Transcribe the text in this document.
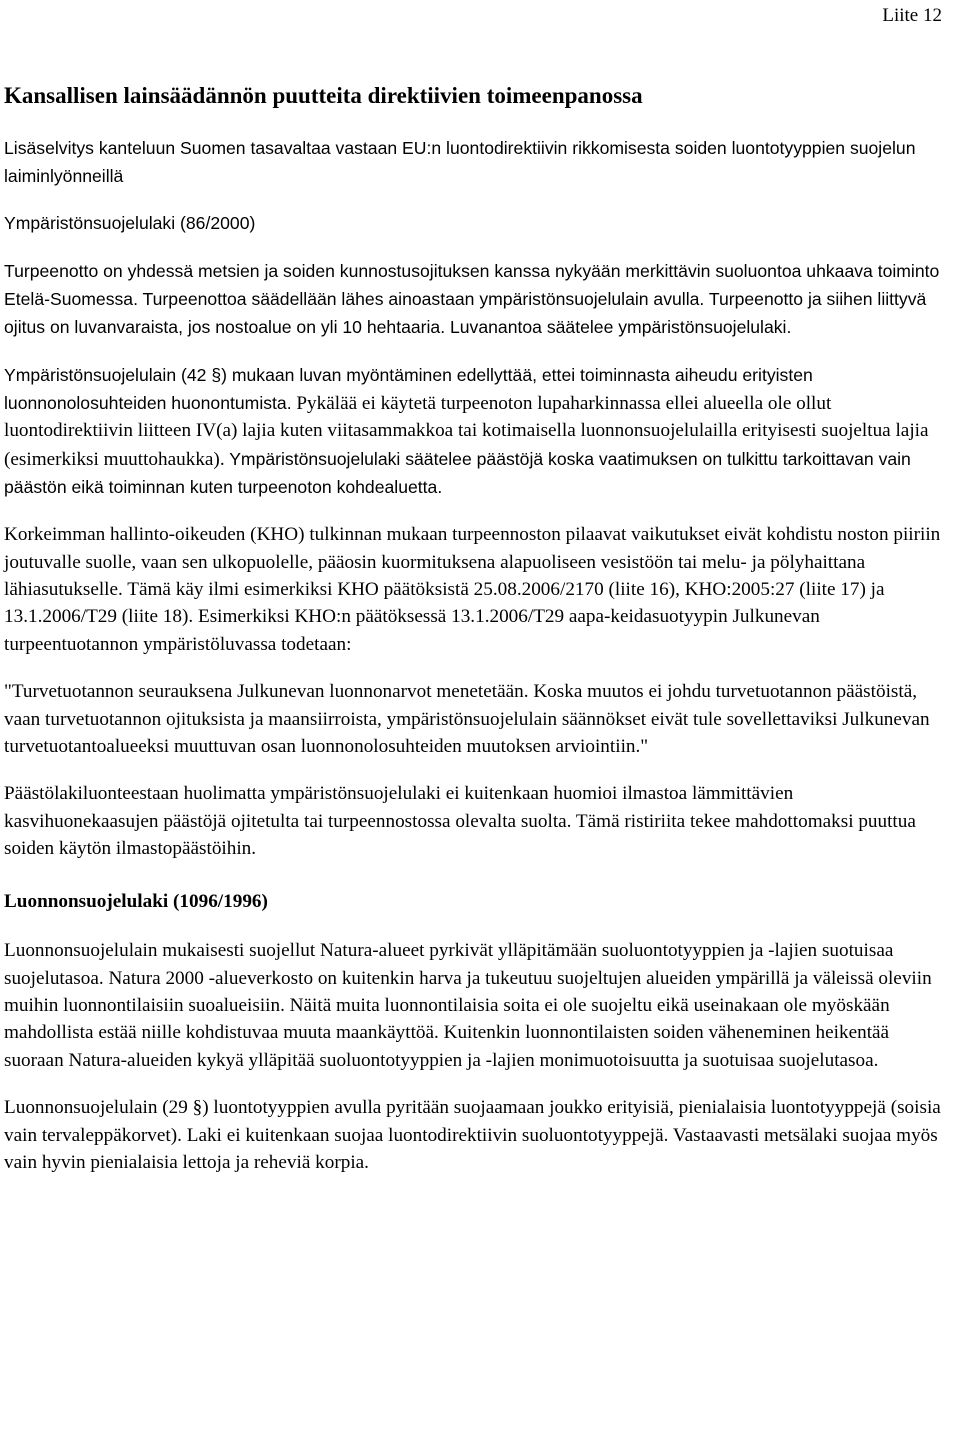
Liite 12
Kansallisen lainsäädännön puutteita direktiivien toimeenpanossa

Lisäselvitys kanteluun Suomen tasavaltaa vastaan EU:n luontodirektiivin rikkomisesta soiden luontotyyppien suojelun laiminlyönneillä

Ympäristönsuojelulaki (86/2000)

Turpeenotto on yhdessä metsien ja soiden kunnostusojituksen kanssa nykyään merkittävin suoluontoa uhkaava toiminto Etelä-Suomessa. Turpeenottoa säädellään lähes ainoastaan ympäristönsuojelulain avulla. Turpeenotto ja siihen liittyvä ojitus on luvanvaraista, jos nostoalue on yli 10 hehtaaria. Luvanantoa säätelee ympäristönsuojelulaki.

Ympäristönsuojelulain (42 §) mukaan luvan myöntäminen edellyttää, ettei toiminnasta aiheudu erityisten luonnonolosuhteiden huonontumista. Pykälää ei käytetä turpeenoton lupaharkinnassa ellei alueella ole ollut luontodirektiivin liitteen IV(a) lajia kuten viitasammakkoa tai kotimaisella luonnonsuojelulailla erityisesti suojeltua lajia (esimerkiksi muuttohaukka). Ympäristönsuojelulaki säätelee päästöjä koska vaatimuksen on tulkittu tarkoittavan vain päästön eikä toiminnan kuten turpeenoton kohdealuetta.

Korkeimman hallinto-oikeuden (KHO) tulkinnan mukaan turpeennoston pilaavat vaikutukset eivät kohdistu noston piiriin joutuvalle suolle, vaan sen ulkopuolelle, pääosin kuormituksena alapuoliseen vesistöön tai melu- ja pölyhaittana lähiasutukselle. Tämä käy ilmi esimerkiksi KHO päätöksistä 25.08.2006/2170 (liite 16), KHO:2005:27 (liite 17) ja 13.1.2006/T29 (liite 18). Esimerkiksi KHO:n päätöksessä 13.1.2006/T29 aapa-keidasuotyypin Julkunevan turpeentuotannon ympäristöluvassa todetaan:

"Turvetuotannon seurauksena Julkunevan luonnonarvot menetetään. Koska muutos ei johdu turvetuotannon päästöistä, vaan turvetuotannon ojituksista ja maansiirroista, ympäristönsuojelulain säännökset eivät tule sovellettaviksi Julkunevan turvetuotantoalueeksi muuttuvan osan luonnonolosuhteiden muutoksen arviointiin."

Päästölakiluonteestaan huolimatta ympäristönsuojelulaki ei kuitenkaan huomioi ilmastoa lämmittävien kasvihuonekaasujen päästöjä ojitetulta tai turpeennostossa olevalta suolta. Tämä ristiriita tekee mahdottomaksi puuttua soiden käytön ilmastopäästöihin.

Luonnonsuojelulaki (1096/1996)

Luonnonsuojelulain mukaisesti suojellut Natura-alueet pyrkivät ylläpitämään suoluontotyyppien ja -lajien suotuisaa suojelutasoa. Natura 2000 -alueverkosto on kuitenkin harva ja tukeutuu suojeltujen alueiden ympärillä ja väleissä oleviin muihin luonnontilaisiin suoalueisiin. Näitä muita luonnontilaisia soita ei ole suojeltu eikä useinakaan ole myöskään mahdollista estää niille kohdistuvaa muuta maankäyttöä. Kuitenkin luonnontilaisten soiden väheneminen heikentää suoraan Natura-alueiden kykyä ylläpitää suoluontotyyppien ja -lajien monimuotoisuutta ja suotuisaa suojelutasoa.

Luonnonsuojelulain (29 §) luontotyyppien avulla pyritään suojaamaan joukko erityisiä, pienialaisia luontotyyppejä (soisia vain tervaleppäkorvet). Laki ei kuitenkaan suojaa luontodirektiivin suoluontotyyppejä. Vastaavasti metsälaki suojaa myös vain hyvin pienialaisia lettoja ja reheviä korpia.
